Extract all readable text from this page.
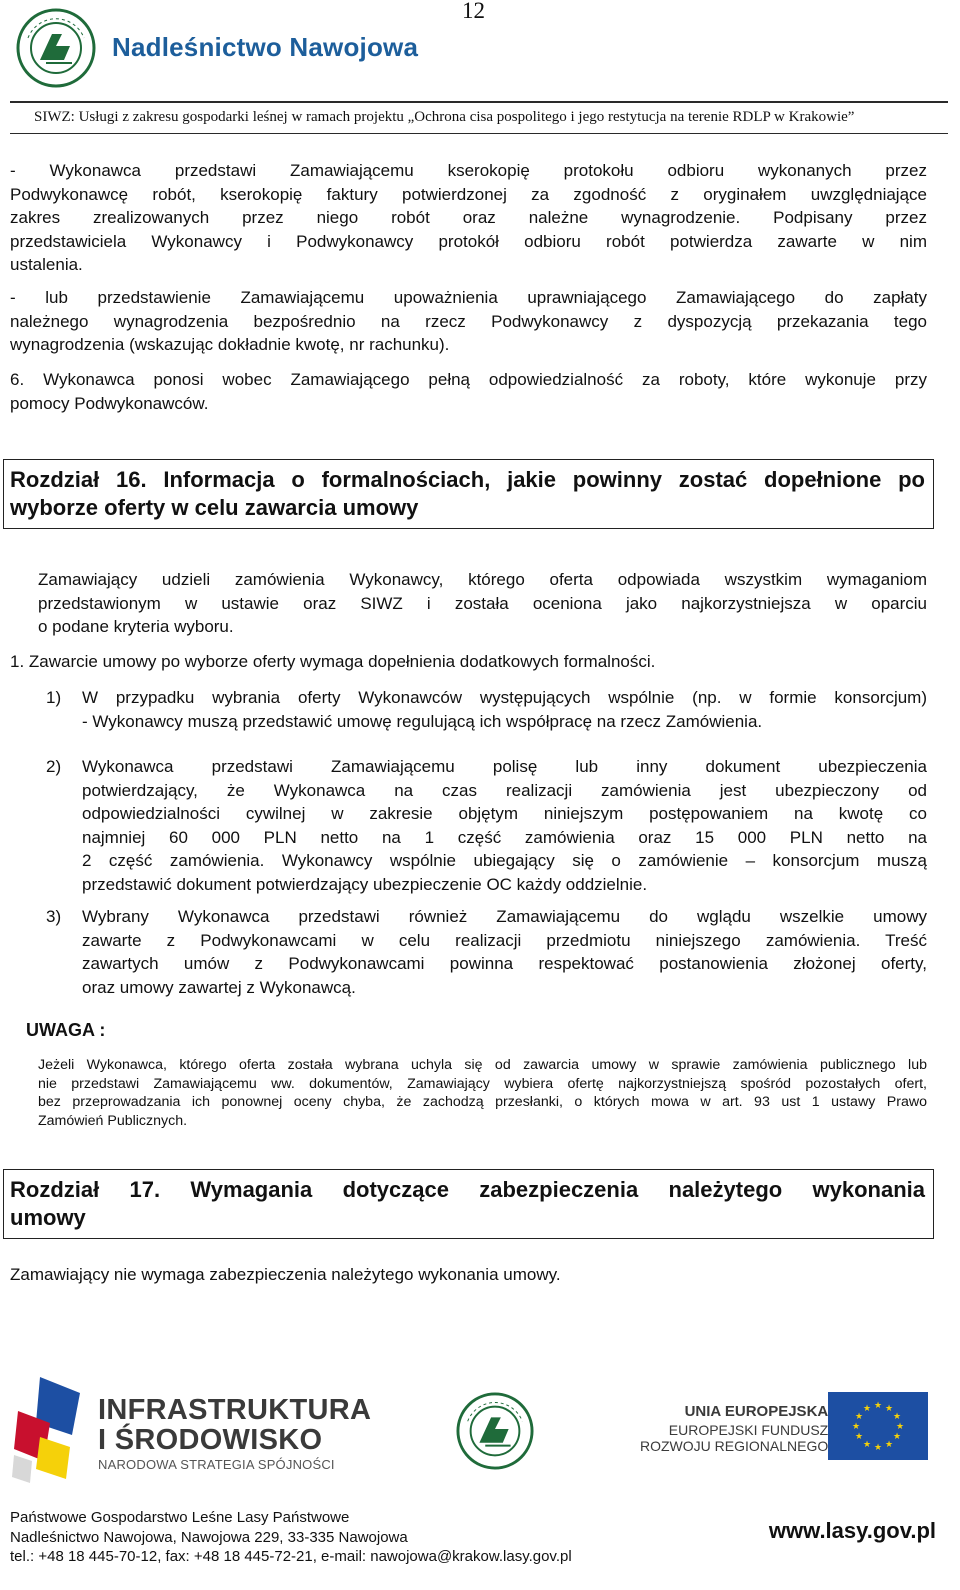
Nadleśnictwo Nawojowa
12
SIWZ: Usługi z zakresu gospodarki leśnej w ramach projektu „Ochrona cisa pospolitego i jego restytucja na terenie RDLP w Krakowie”
- Wykonawca przedstawi Zamawiającemu kserokopię protokołu odbioru wykonanych przez
Podwykonawcę robót, kserokopię faktury potwierdzonej za zgodność z oryginałem uwzględniające
zakres zrealizowanych przez niego robót oraz należne wynagrodzenie. Podpisany przez
przedstawiciela Wykonawcy i Podwykonawcy protokół odbioru robót potwierdza zawarte w nim
ustalenia.
- lub przedstawienie Zamawiającemu upoważnienia uprawniającego Zamawiającego do zapłaty
należnego wynagrodzenia bezpośrednio na rzecz Podwykonawcy z dyspozycją przekazania tego
wynagrodzenia (wskazując dokładnie kwotę, nr rachunku).
6. Wykonawca ponosi wobec Zamawiającego pełną odpowiedzialność za roboty, które wykonuje przy
pomocy Podwykonawców.
Rozdział 16. Informacja o formalnościach, jakie powinny zostać dopełnione po
wyborze oferty w celu zawarcia umowy
Zamawiający udzieli zamówienia Wykonawcy, którego oferta odpowiada wszystkim wymaganiom
przedstawionym w ustawie oraz SIWZ i została oceniona jako najkorzystniejsza w oparciu
o podane kryteria wyboru.
1. Zawarcie umowy po wyborze oferty wymaga dopełnienia dodatkowych formalności.
1) W przypadku wybrania oferty Wykonawców występujących wspólnie (np. w formie konsorcjum)
- Wykonawcy muszą przedstawić umowę regulującą ich współpracę na rzecz Zamówienia.
2) Wykonawca przedstawi Zamawiającemu polisę lub inny dokument ubezpieczenia
potwierdzający, że Wykonawca na czas realizacji zamówienia jest ubezpieczony od
odpowiedzialności cywilnej w zakresie objętym niniejszym postępowaniem na kwotę co
najmniej 60 000 PLN netto na 1 część zamówienia oraz 15 000 PLN netto na
2 część zamówienia. Wykonawcy wspólnie ubiegający się o zamówienie – konsorcjum muszą
przedstawić dokument potwierdzający ubezpieczenie OC każdy oddzielnie.
3) Wybrany Wykonawca przedstawi również Zamawiającemu do wglądu wszelkie umowy
zawarte z Podwykonawcami w celu realizacji przedmiotu niniejszego zamówienia. Treść
zawartych umów z Podwykonawcami powinna respektować postanowienia złożonej oferty,
oraz umowy zawartej z Wykonawcą.
UWAGA :
Jeżeli Wykonawca, którego oferta została wybrana uchyla się od zawarcia umowy w sprawie zamówienia publicznego lub
nie przedstawi Zamawiającemu ww. dokumentów, Zamawiający wybiera ofertę najkorzystniejszą spośród pozostałych ofert,
bez przeprowadzania ich ponownej oceny chyba, że zachodzą przesłanki, o których mowa w art. 93 ust 1 ustawy Prawo
Zamówień Publicznych.
Rozdział 17. Wymagania dotyczące zabezpieczenia należytego wykonania
umowy
Zamawiający nie wymaga zabezpieczenia należytego wykonania umowy.
INFRASTRUKTURA
I ŚRODOWISKO
NARODOWA STRATEGIA SPÓJNOŚCI
UNIA EUROPEJSKA
EUROPEJSKI FUNDUSZ
ROZWOJU REGIONALNEGO
★ ★
★
★
★
★
★
★
★
★
★
★
Państwowe Gospodarstwo Leśne Lasy Państwowe
Nadleśnictwo Nawojowa, Nawojowa 229, 33-335 Nawojowa
tel.: +48 18 445-70-12, fax: +48 18 445-72-21, e-mail: nawojowa@krakow.lasy.gov.pl
www.lasy.gov.pl
